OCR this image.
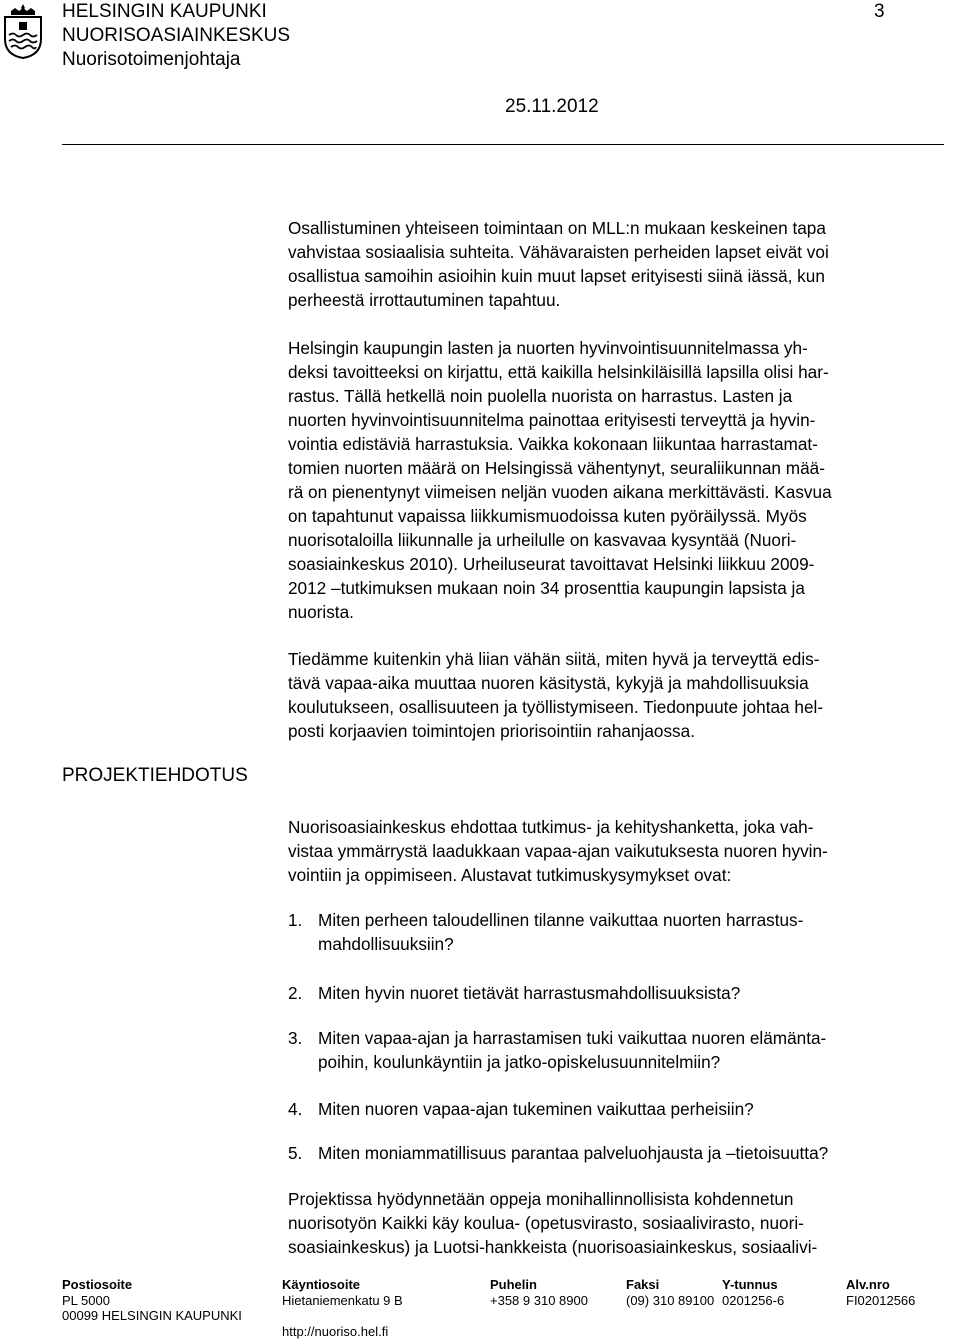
HELSINGIN KAUPUNKI
NUORISOASIAINKESKUS
Nuorisotoimenjohtaja
3
25.11.2012
PROJEKTIEHDOTUS
Osallistuminen yhteiseen toimintaan on MLL:n mukaan keskeinen tapa
vahvistaa sosiaalisia suhteita. Vähävaraisten perheiden lapset eivät voi
osallistua samoihin asioihin kuin muut lapset erityisesti siinä iässä, kun
perheestä irrottautuminen tapahtuu.
Helsingin kaupungin lasten ja nuorten hyvinvointisuunnitelmassa yh-
deksi tavoitteeksi on kirjattu, että kaikilla helsinkiläisillä lapsilla olisi har-
rastus. Tällä hetkellä noin puolella nuorista on harrastus. Lasten ja
nuorten hyvinvointisuunnitelma painottaa erityisesti terveyttä ja hyvin-
vointia edistäviä harrastuksia. Vaikka kokonaan liikuntaa harrastamat-
tomien nuorten määrä on Helsingissä vähentynyt, seuraliikunnan mää-
rä on pienentynyt viimeisen neljän vuoden aikana merkittävästi. Kasvua
on tapahtunut vapaissa liikkumismuodoissa kuten pyöräilyssä. Myös
nuorisotaloilla liikunnalle ja urheilulle on kasvavaa kysyntää (Nuori-
soasiainkeskus 2010). Urheiluseurat tavoittavat Helsinki liikkuu 2009-
2012 –tutkimuksen mukaan noin 34 prosenttia kaupungin lapsista ja
nuorista.
Tiedämme kuitenkin yhä liian vähän siitä, miten hyvä ja terveyttä edis-
tävä vapaa-aika muuttaa nuoren käsitystä, kykyjä ja mahdollisuuksia
koulutukseen, osallisuuteen ja työllistymiseen. Tiedonpuute johtaa hel-
posti korjaavien toimintojen priorisointiin rahanjaossa.
Nuorisoasiainkeskus ehdottaa tutkimus- ja kehityshanketta, joka vah-
vistaa ymmärrystä laadukkaan vapaa-ajan vaikutuksesta nuoren hyvin-
vointiin ja oppimiseen. Alustavat tutkimuskysymykset ovat:
1. Miten perheen taloudellinen tilanne vaikuttaa nuorten harrastus-
mahdollisuuksiin?
2. Miten hyvin nuoret tietävät harrastusmahdollisuuksista?
3. Miten vapaa-ajan ja harrastamisen tuki vaikuttaa nuoren elämänta-
poihin, koulunkäyntiin ja jatko-opiskelusuunnitelmiin?
4. Miten nuoren vapaa-ajan tukeminen vaikuttaa perheisiin?
5. Miten moniammatillisuus parantaa palveluohjausta ja –tietoisuutta?
Projektissa hyödynnetään oppeja monihallinnollisista kohdennetun
nuorisotyön Kaikki käy koulua- (opetusvirasto, sosiaalivirasto, nuori-
soasiainkeskus) ja Luotsi-hankkeista (nuorisoasiainkeskus, sosiaalivi-
Postiosoite
PL 5000
00099 HELSINGIN KAUPUNKI
Käyntiosoite
Hietaniemenkatu 9 B

http://nuoriso.hel.fi
Puhelin
+358 9 310 8900
Faksi
(09) 310 89100
Y-tunnus
0201256-6
Alv.nro
FI02012566
